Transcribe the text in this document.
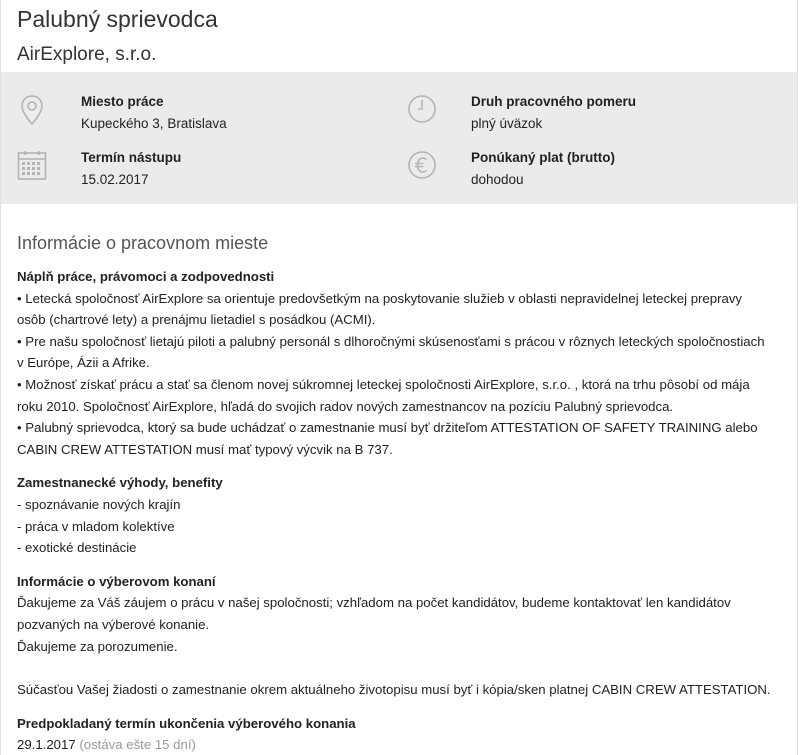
Palubný sprievodca
AirExplore, s.r.o.
Miesto práce
Kupeckého 3, Bratislava
Druh pracovného pomeru
plný úväzok
Termín nástupu
15.02.2017
Ponúkaný plat (brutto)
dohodou
Informácie o pracovnom mieste

Náplň práce, právomoci a zodpovednosti

• Letecká spoločnosť AirExplore sa orientuje predovšetkým na poskytovanie služieb v oblasti nepravidelnej leteckej prepravy

osôb (chartrové lety) a prenájmu lietadiel s posádkou (ACMI).

• Pre našu spoločnosť lietajú piloti a palubný personál s dlhoročnými skúsenosťami s prácou v rôznych leteckých spoločnostiach

v Európe, Ázii a Afrike.

• Možnosť získať prácu a stať sa členom novej súkromnej leteckej spoločnosti AirExplore, s.r.o. , ktorá na trhu pôsobí od mája

roku 2010. Spoločnosť AirExplore, hľadá do svojich radov nových zamestnancov na pozíciu Palubný sprievodca.

• Palubný sprievodca, ktorý sa bude uchádzať o zamestnanie musí byť držiteľom ATTESTATION OF SAFETY TRAINING alebo

CABIN CREW ATTESTATION musí mať typový výcvik na B 737.

Zamestnanecké výhody, benefity

- spoznávanie nových krajín

- práca v mladom kolektíve

- exotické destinácie

Informácie o výberovom konaní

Ďakujeme za Váš záujem o prácu v našej spoločnosti; vzhľadom na počet kandidátov, budeme kontaktovať len kandidátov

pozvaných na výberové konanie.

Ďakujeme za porozumenie.

Súčasťou Vašej žiadosti o zamestnanie okrem aktuálneho životopisu musí byť i kópia/sken platnej CABIN CREW ATTESTATION.

Predpokladaný termín ukončenia výberového konania

29.1.2017 (ostáva ešte 15 dní)
